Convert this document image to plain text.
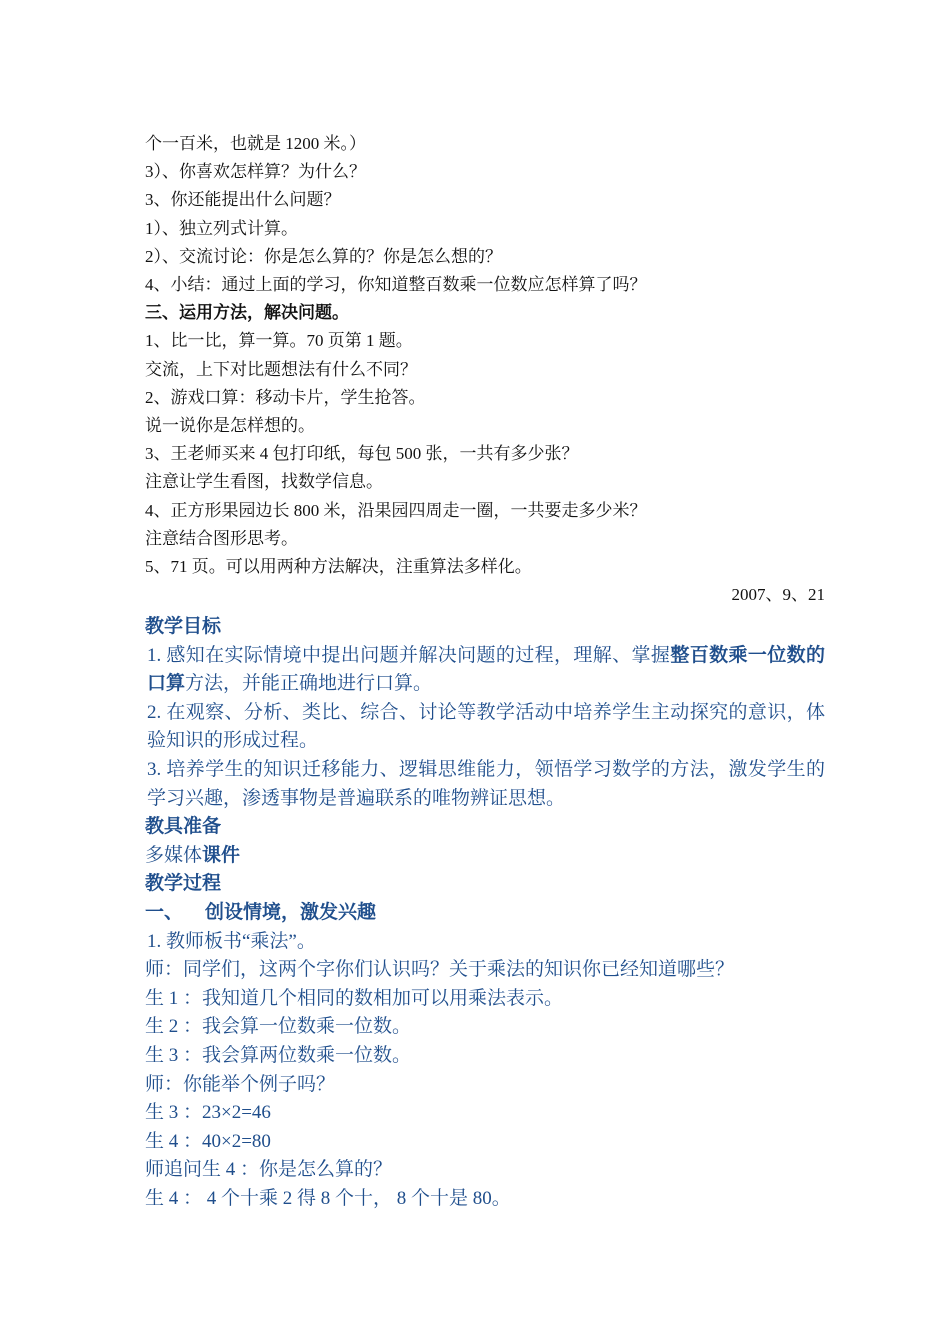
个一百米，也就是 1200 米。）
3）、你喜欢怎样算？为什么？
3、你还能提出什么问题？
1）、独立列式计算。
2）、交流讨论：你是怎么算的？你是怎么想的？
4、小结：通过上面的学习，你知道整百数乘一位数应怎样算了吗？
三、运用方法，解决问题。
1、比一比，算一算。70 页第 1 题。
交流，上下对比题想法有什么不同？
2、游戏口算：移动卡片，学生抢答。
说一说你是怎样想的。
3、王老师买来 4 包打印纸，每包 500 张，一共有多少张？
注意让学生看图，找数学信息。
4、正方形果园边长 800 米，沿果园四周走一圈，一共要走多少米？
注意结合图形思考。
5、71 页。可以用两种方法解决，注重算法多样化。
2007、9、21
教学目标
1. 感知在实际情境中提出问题并解决问题的过程，理解、掌握整百数乘一位数的口算方法，并能正确地进行口算。
2. 在观察、分析、类比、综合、讨论等教学活动中培养学生主动探究的意识，体验知识的形成过程。
3. 培养学生的知识迁移能力、逻辑思维能力，领悟学习数学的方法，激发学生的学习兴趣，渗透事物是普遍联系的唯物辨证思想。
教具准备
多媒体课件
教学过程
一、 创设情境，激发兴趣
1. 教师板书“乘法”。
师：同学们，这两个字你们认识吗？关于乘法的知识你已经知道哪些？
生 1 ：我知道几个相同的数相加可以用乘法表示。
生 2 ：我会算一位数乘一位数。
生 3 ：我会算两位数乘一位数。
师：你能举个例子吗？
生 3 ：23×2=46
生 4 ：40×2=80
师追问生 4 ：你是怎么算的？
生 4 ： 4 个十乘 2 得 8 个十， 8 个十是 80。
